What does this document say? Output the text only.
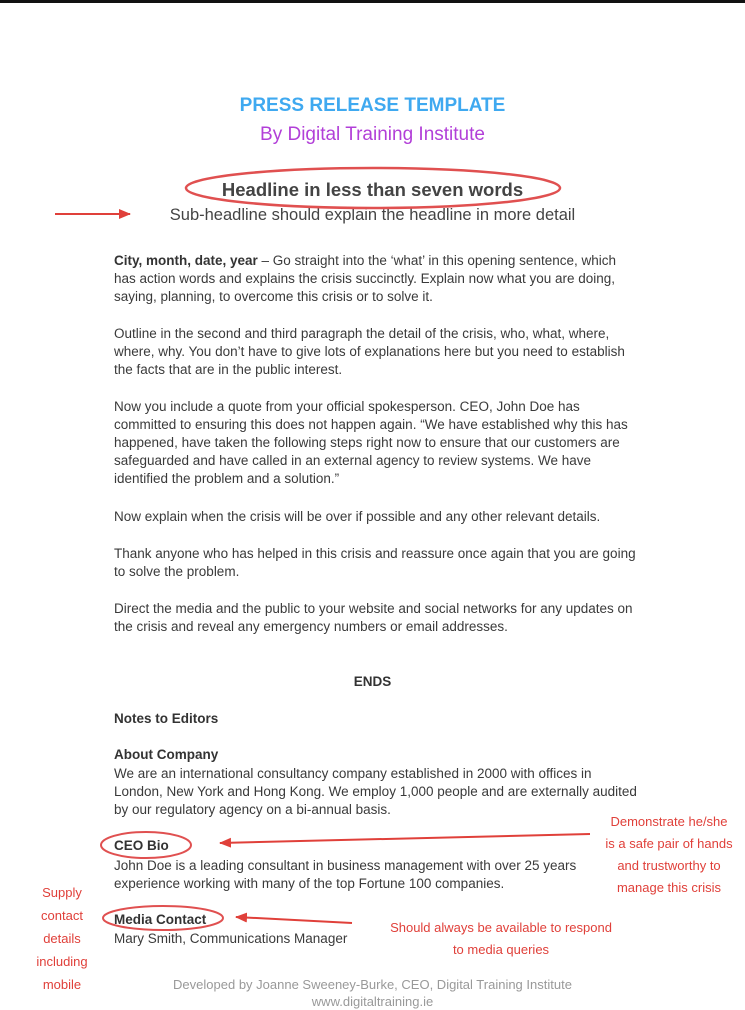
PRESS RELEASE TEMPLATE
By Digital Training Institute
Headline in less than seven words
Sub-headline should explain the headline in more detail

City, month, date, year – Go straight into the ‘what’ in this opening sentence, which has action words and explains the crisis succinctly. Explain now what you are doing, saying, planning, to overcome this crisis or to solve it.

Outline in the second and third paragraph the detail of the crisis, who, what, where, where, why. You don’t have to give lots of explanations here but you need to establish the facts that are in the public interest.

Now you include a quote from your official spokesperson. CEO, John Doe has committed to ensuring this does not happen again. “We have established why this has happened, have taken the following steps right now to ensure that our customers are safeguarded and have called in an external agency to review systems. We have identified the problem and a solution.”

Now explain when the crisis will be over if possible and any other relevant details.

Thank anyone who has helped in this crisis and reassure once again that you are going to solve the problem.

Direct the media and the public to your website and social networks for any updates on the crisis and reveal any emergency numbers or email addresses.

ENDS
Notes to Editors
About Company

We are an international consultancy company established in 2000 with offices in London, New York and Hong Kong. We employ 1,000 people and are externally audited by our regulatory agency on a bi-annual basis.

CEO Bio

John Doe is a leading consultant in business management with over 25 years experience working with many of the top Fortune 100 companies.

Media Contact
Mary Smith, Communications Manager
Demonstrate he/she
is a safe pair of hands
and trustworthy to
manage this crisis
Should always be available to respond
to media queries
Supply
contact
details
including
mobile	Developed by Joanne Sweeney-Burke, CEO, Digital Training Institute
www.digitaltraining.ie
